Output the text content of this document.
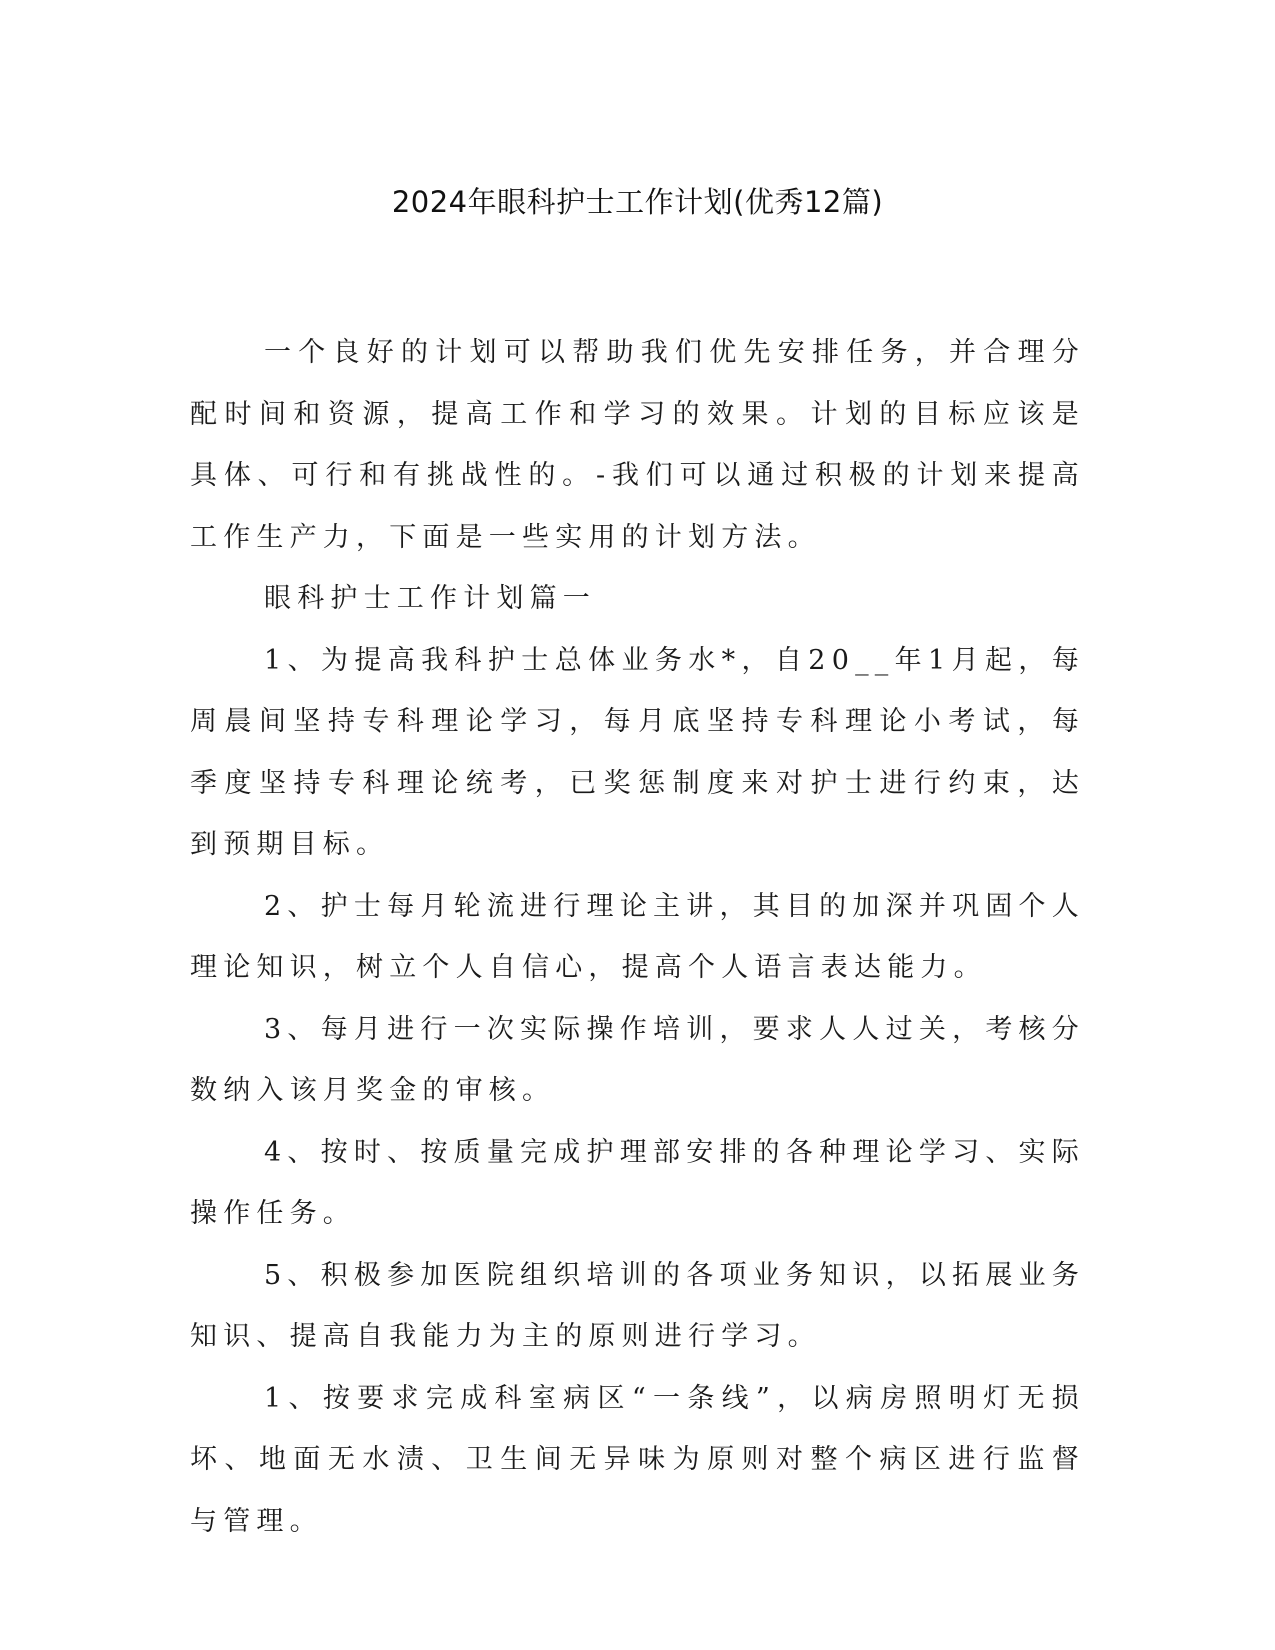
2024年眼科护士工作计划(优秀12篇)

一个良好的计划可以帮助我们优先安排任务，并合理分配时间和资源，提高工作和学习的效果。计划的目标应该是具体、可行和有挑战性的。-我们可以通过积极的计划来提高工作生产力，下面是一些实用的计划方法。

眼科护士工作计划篇一

1、为提高我科护士总体业务水*，自20__年1月起，每周晨间坚持专科理论学习，每月底坚持专科理论小考试，每季度坚持专科理论统考，已奖惩制度来对护士进行约束，达到预期目标。

2、护士每月轮流进行理论主讲，其目的加深并巩固个人理论知识，树立个人自信心，提高个人语言表达能力。

3、每月进行一次实际操作培训，要求人人过关，考核分数纳入该月奖金的审核。

4、按时、按质量完成护理部安排的各种理论学习、实际操作任务。

5、积极参加医院组织培训的各项业务知识，以拓展业务知识、提高自我能力为主的原则进行学习。

1、按要求完成科室病区“一条线”，以病房照明灯无损坏、地面无水渍、卫生间无异味为原则对整个病区进行监督与管理。
